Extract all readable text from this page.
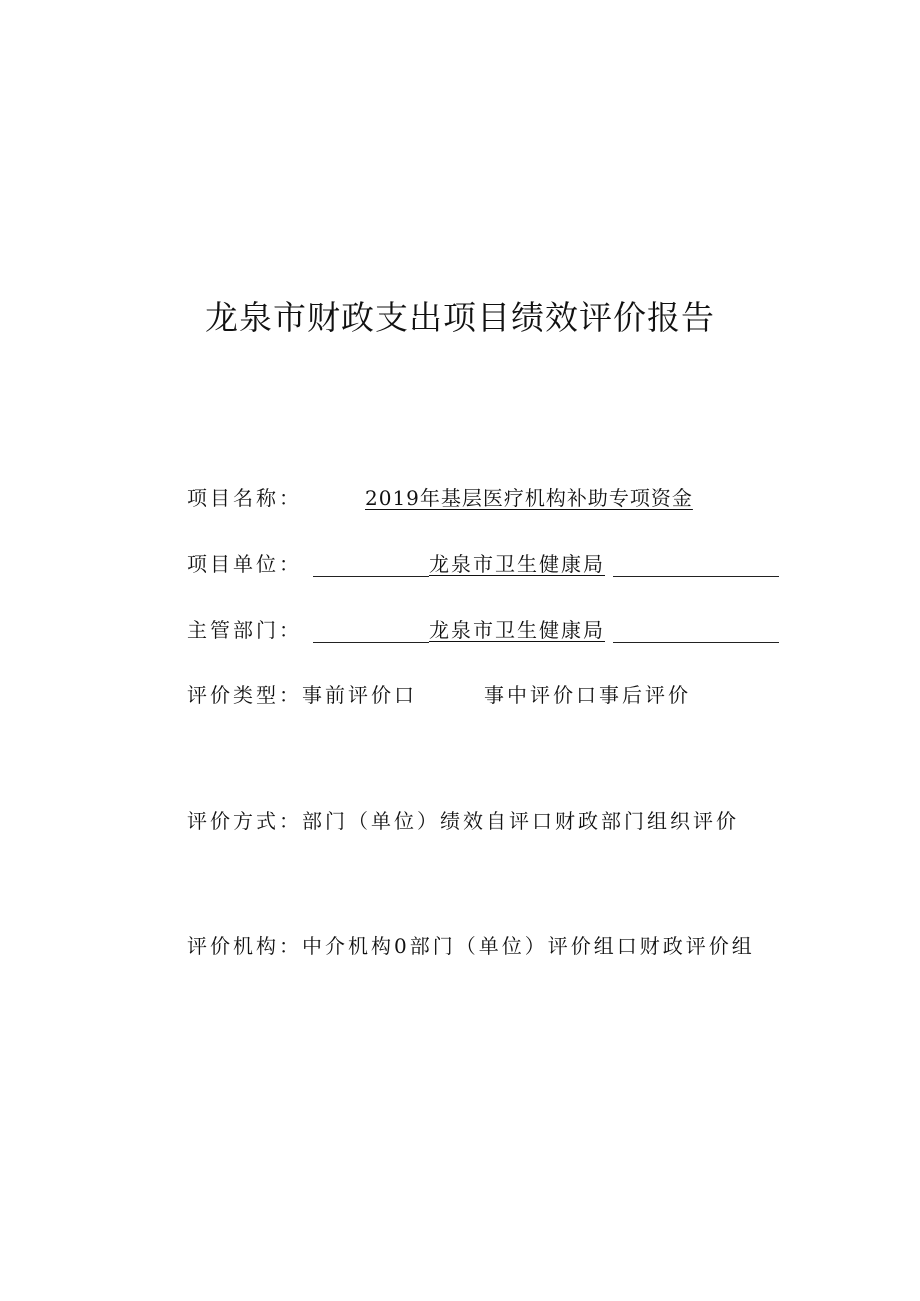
龙泉市财政支出项目绩效评价报告
项目名称：	2019年基层医疗机构补助专项资金
项目单位：	龙泉市卫生健康局
主管部门：	龙泉市卫生健康局
评价类型： 事前评价口	事中评价口事后评价
评价方式： 部门（单位）绩效自评口财政部门组织评价
评价机构： 中介机构0部门（单位）评价组口财政评价组
